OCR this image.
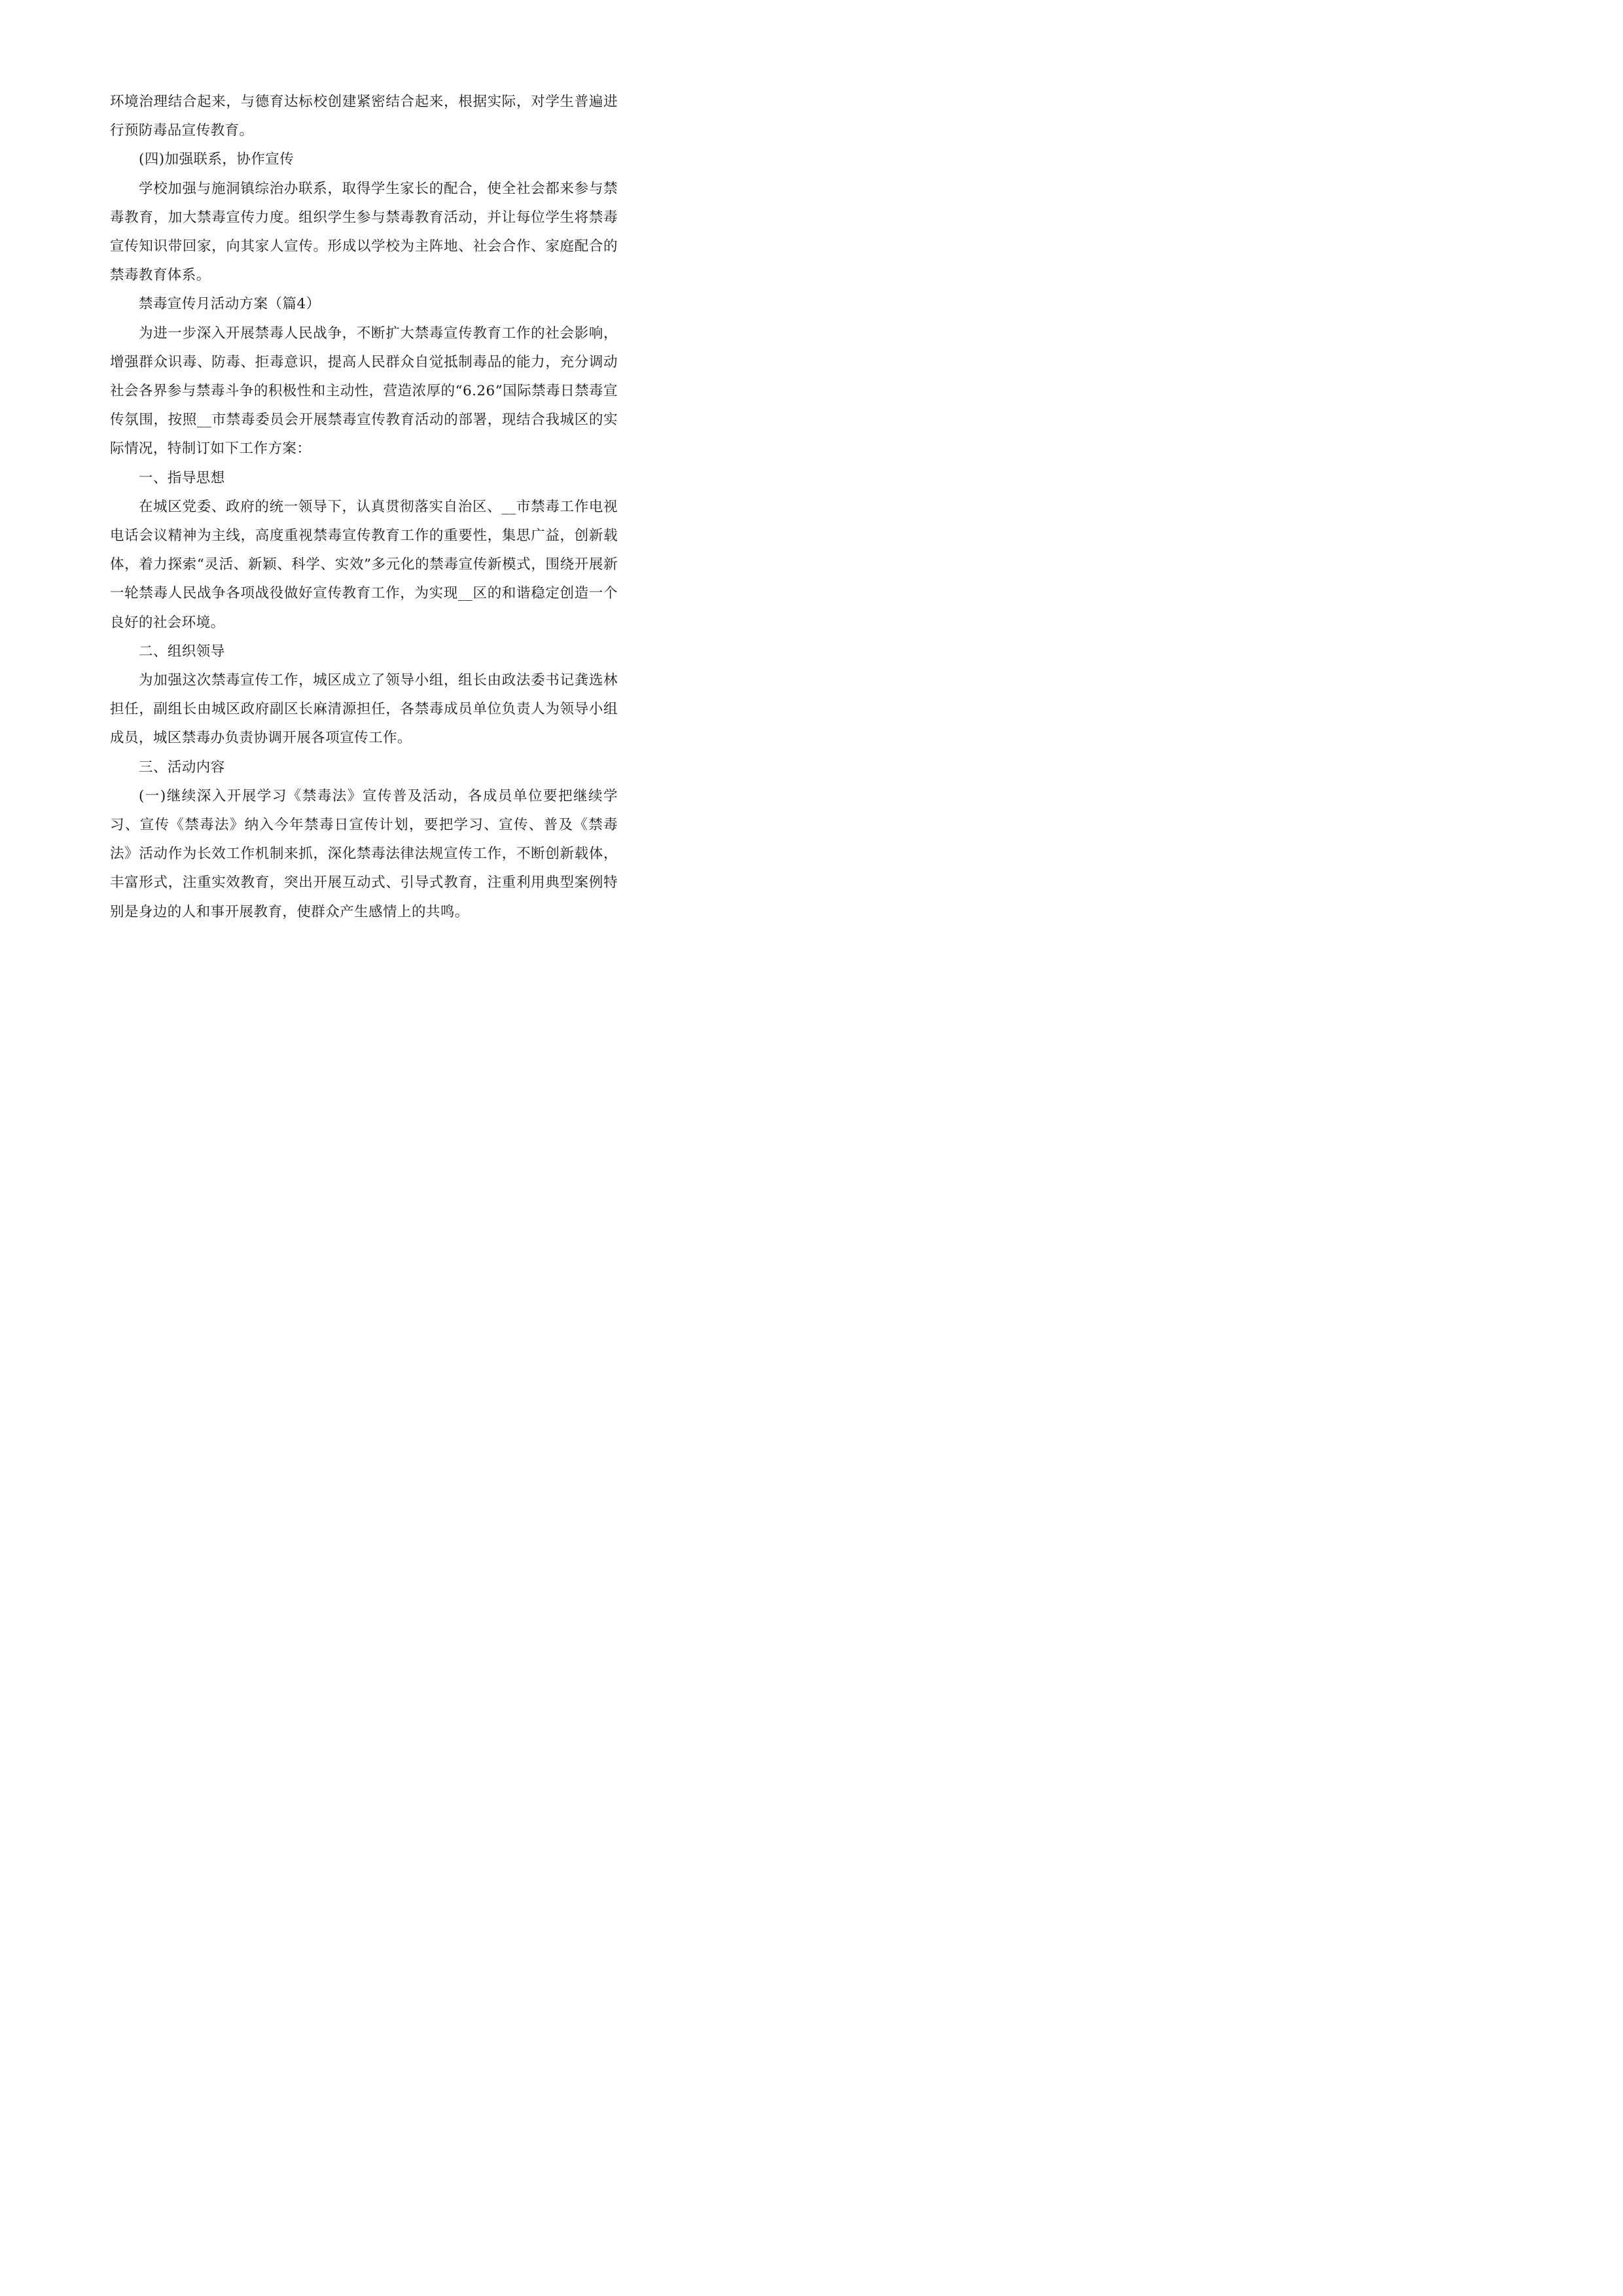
环境治理结合起来，与德育达标校创建紧密结合起来，根据实际，对学生普遍进行预防毒品宣传教育。

(四)加强联系，协作宣传

学校加强与施洞镇综治办联系，取得学生家长的配合，使全社会都来参与禁毒教育，加大禁毒宣传力度。组织学生参与禁毒教育活动，并让每位学生将禁毒宣传知识带回家，向其家人宣传。形成以学校为主阵地、社会合作、家庭配合的禁毒教育体系。

禁毒宣传月活动方案（篇4）

为进一步深入开展禁毒人民战争，不断扩大禁毒宣传教育工作的社会影响，增强群众识毒、防毒、拒毒意识，提高人民群众自觉抵制毒品的能力，充分调动社会各界参与禁毒斗争的积极性和主动性，营造浓厚的“6.26”国际禁毒日禁毒宣传氛围，按照__市禁毒委员会开展禁毒宣传教育活动的部署，现结合我城区的实际情况，特制订如下工作方案：

一、指导思想

在城区党委、政府的统一领导下，认真贯彻落实自治区、__市禁毒工作电视电话会议精神为主线，高度重视禁毒宣传教育工作的重要性，集思广益，创新载体，着力探索“灵活、新颖、科学、实效”多元化的禁毒宣传新模式，围绕开展新一轮禁毒人民战争各项战役做好宣传教育工作，为实现__区的和谐稳定创造一个良好的社会环境。

二、组织领导

为加强这次禁毒宣传工作，城区成立了领导小组，组长由政法委书记龚选林担任，副组长由城区政府副区长麻清源担任，各禁毒成员单位负责人为领导小组成员，城区禁毒办负责协调开展各项宣传工作。

三、活动内容

(一)继续深入开展学习《禁毒法》宣传普及活动，各成员单位要把继续学习、宣传《禁毒法》纳入今年禁毒日宣传计划，要把学习、宣传、普及《禁毒法》活动作为长效工作机制来抓，深化禁毒法律法规宣传工作，不断创新载体，丰富形式，注重实效教育，突出开展互动式、引导式教育，注重利用典型案例特别是身边的人和事开展教育，使群众产生感情上的共鸣。
